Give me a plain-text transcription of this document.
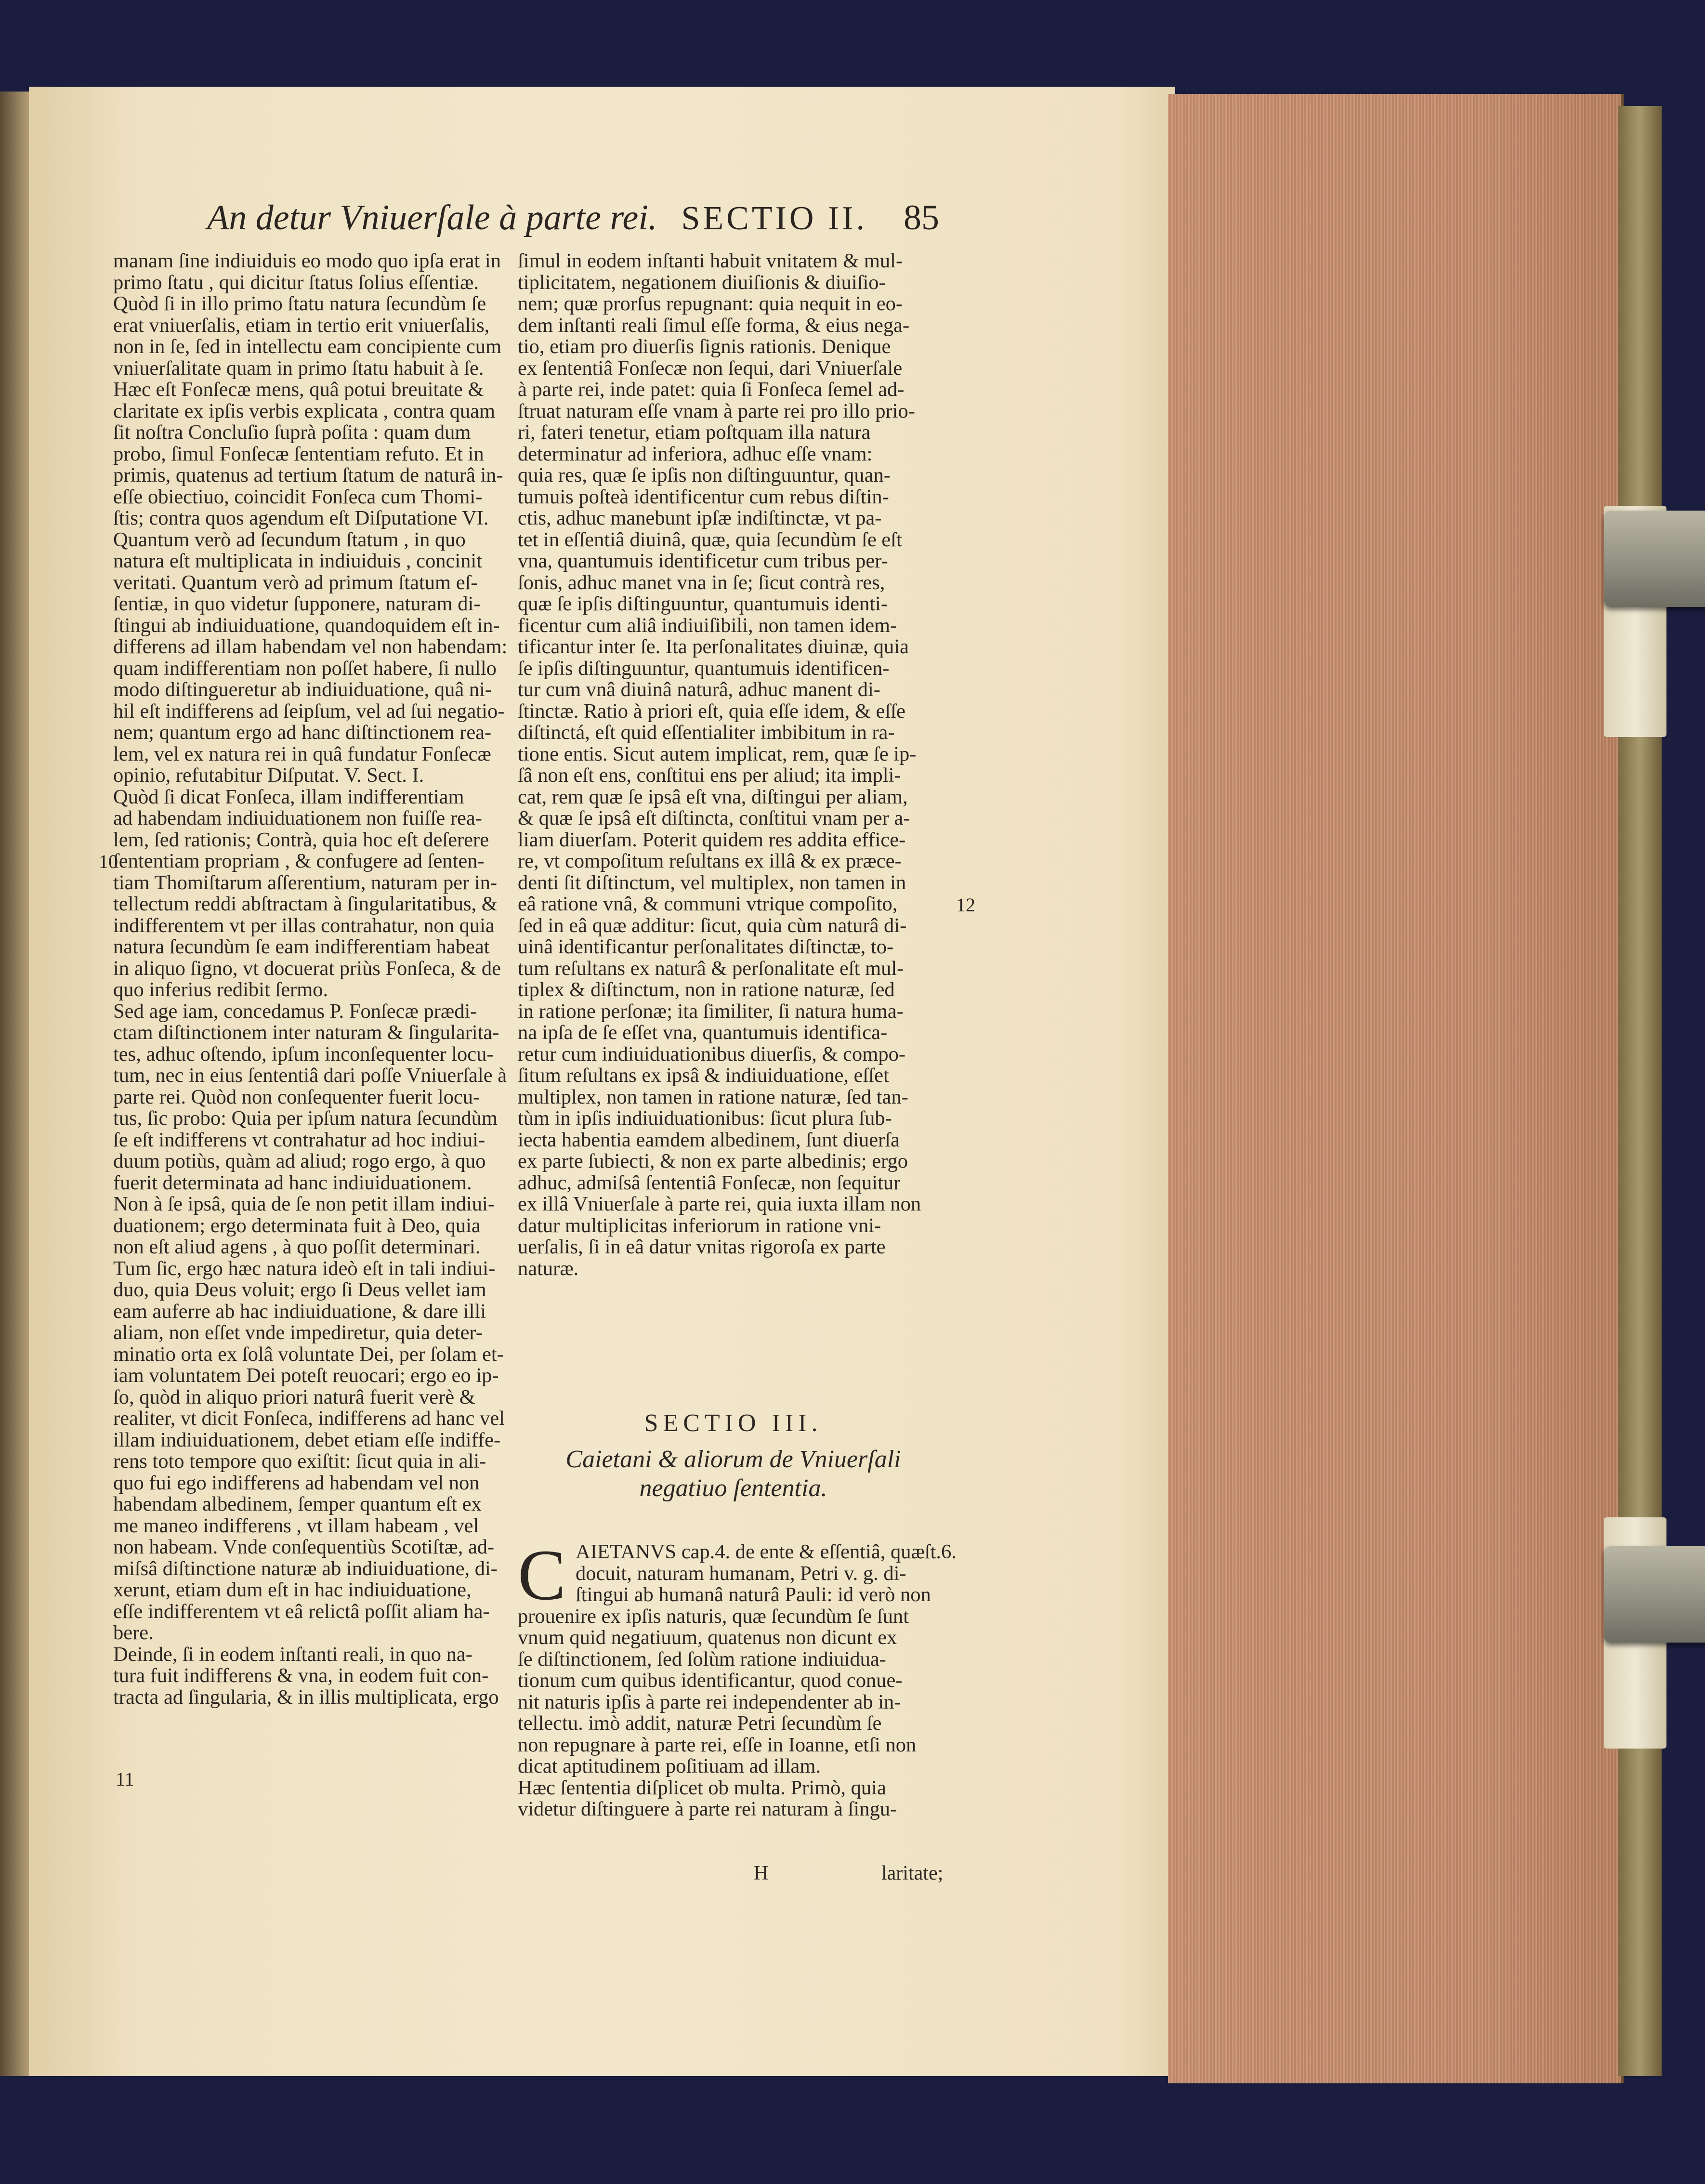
An detur Vniuerſale à parte rei. SECTIO II. 85

manam ſine indiuiduis eo modo quo ipſa erat in

primo ſtatu , qui dicitur ſtatus ſolius eſſentiæ.

Quòd ſi in illo primo ſtatu natura ſecundùm ſe

erat vniuerſalis, etiam in tertio erit vniuerſalis,

non in ſe, ſed in intellectu eam concipiente cum

vniuerſalitate quam in primo ſtatu habuit à ſe.

Hæc eſt Fonſecæ mens, quâ potui breuitate &

claritate ex ipſis verbis explicata , contra quam

ſit noſtra Concluſio ſuprà poſita : quam dum

probo, ſimul Fonſecæ ſententiam refuto. Et in

primis, quatenus ad tertium ſtatum de naturâ in-

eſſe obiectiuo, coincidit Fonſeca cum Thomi-

ſtis; contra quos agendum eſt Diſputatione VI.

Quantum verò ad ſecundum ſtatum , in quo

natura eſt multiplicata in indiuiduis , concinit

veritati. Quantum verò ad primum ſtatum eſ-

ſentiæ, in quo videtur ſupponere, naturam di-

ſtingui ab indiuiduatione, quandoquidem eſt in-

differens ad illam habendam vel non habendam:

quam indifferentiam non poſſet habere, ſi nullo

modo diſtingueretur ab indiuiduatione, quâ ni-

hil eſt indifferens ad ſeipſum, vel ad ſui negatio-

nem; quantum ergo ad hanc diſtinctionem rea-

lem, vel ex natura rei in quâ fundatur Fonſecæ

opinio, refutabitur Diſputat. V. Sect. I.

Quòd ſi dicat Fonſeca, illam indifferentiam

ad habendam indiuiduationem non fuiſſe rea-

lem, ſed rationis; Contrà, quia hoc eſt deſerere

ſententiam propriam , & confugere ad ſenten-

tiam Thomiſtarum aſſerentium, naturam per in-

tellectum reddi abſtractam à ſingularitatibus, &

indifferentem vt per illas contrahatur, non quia

natura ſecundùm ſe eam indifferentiam habeat

in aliquo ſigno, vt docuerat priùs Fonſeca, & de

quo inferius redibit ſermo.

Sed age iam, concedamus P. Fonſecæ prædi-

ctam diſtinctionem inter naturam & ſingularita-

tes, adhuc oſtendo, ipſum inconſequenter locu-

tum, nec in eius ſententiâ dari poſſe Vniuerſale à

parte rei. Quòd non conſequenter fuerit locu-

tus, ſic probo: Quia per ipſum natura ſecundùm

ſe eſt indifferens vt contrahatur ad hoc indiui-

duum potiùs, quàm ad aliud; rogo ergo, à quo

fuerit determinata ad hanc indiuiduationem.

Non à ſe ipsâ, quia de ſe non petit illam indiui-

duationem; ergo determinata fuit à Deo, quia

non eſt aliud agens , à quo poſſit determinari.

Tum ſic, ergo hæc natura ideò eſt in tali indiui-

duo, quia Deus voluit; ergo ſi Deus vellet iam

eam auferre ab hac indiuiduatione, & dare illi

aliam, non eſſet vnde impediretur, quia deter-

minatio orta ex ſolâ voluntate Dei, per ſolam et-

iam voluntatem Dei poteſt reuocari; ergo eo ip-

ſo, quòd in aliquo priori naturâ fuerit verè &

realiter, vt dicit Fonſeca, indifferens ad hanc vel

illam indiuiduationem, debet etiam eſſe indiffe-

rens toto tempore quo exiſtit: ſicut quia in ali-

quo fui ego indifferens ad habendam vel non

habendam albedinem, ſemper quantum eſt ex

me maneo indifferens , vt illam habeam , vel

non habeam. Vnde conſequentiùs Scotiſtæ, ad-

miſsâ diſtinctione naturæ ab indiuiduatione, di-

xerunt, etiam dum eſt in hac indiuiduatione,

eſſe indifferentem vt eâ relictâ poſſit aliam ha-

bere.

Deinde, ſi in eodem inſtanti reali, in quo na-

tura fuit indifferens & vna, in eodem fuit con-

tracta ad ſingularia, & in illis multiplicata, ergo

ſimul in eodem inſtanti habuit vnitatem & mul-

tiplicitatem, negationem diuiſionis & diuiſio-

nem; quæ prorſus repugnant: quia nequit in eo-

dem inſtanti reali ſimul eſſe forma, & eius nega-

tio, etiam pro diuerſis ſignis rationis. Denique

ex ſententiâ Fonſecæ non ſequi, dari Vniuerſale

à parte rei, inde patet: quia ſi Fonſeca ſemel ad-

ſtruat naturam eſſe vnam à parte rei pro illo prio-

ri, fateri tenetur, etiam poſtquam illa natura

determinatur ad inferiora, adhuc eſſe vnam:

quia res, quæ ſe ipſis non diſtinguuntur, quan-

tumuis poſteà identificentur cum rebus diſtin-

ctis, adhuc manebunt ipſæ indiſtinctæ, vt pa-

tet in eſſentiâ diuinâ, quæ, quia ſecundùm ſe eſt

vna, quantumuis identificetur cum tribus per-

ſonis, adhuc manet vna in ſe; ſicut contrà res,

quæ ſe ipſis diſtinguuntur, quantumuis identi-

ficentur cum aliâ indiuiſibili, non tamen idem-

tificantur inter ſe. Ita perſonalitates diuinæ, quia

ſe ipſis diſtinguuntur, quantumuis identificen-

tur cum vnâ diuinâ naturâ, adhuc manent di-

ſtinctæ. Ratio à priori eſt, quia eſſe idem, & eſſe

diſtinctá, eſt quid eſſentialiter imbibitum in ra-

tione entis. Sicut autem implicat, rem, quæ ſe ip-

ſâ non eſt ens, conſtitui ens per aliud; ita impli-

cat, rem quæ ſe ipsâ eſt vna, diſtingui per aliam,

& quæ ſe ipsâ eſt diſtincta, conſtitui vnam per a-

liam diuerſam. Poterit quidem res addita effice-

re, vt compoſitum reſultans ex illâ & ex præce-

denti ſit diſtinctum, vel multiplex, non tamen in

eâ ratione vnâ, & communi vtrique compoſito,

ſed in eâ quæ additur: ſicut, quia cùm naturâ di-

uinâ identificantur perſonalitates diſtinctæ, to-

tum reſultans ex naturâ & perſonalitate eſt mul-

tiplex & diſtinctum, non in ratione naturæ, ſed

in ratione perſonæ; ita ſimiliter, ſi natura huma-

na ipſa de ſe eſſet vna, quantumuis identifica-

retur cum indiuiduationibus diuerſis, & compo-

ſitum reſultans ex ipsâ & indiuiduatione, eſſet

multiplex, non tamen in ratione naturæ, ſed tan-

tùm in ipſis indiuiduationibus: ſicut plura ſub-

iecta habentia eamdem albedinem, ſunt diuerſa

ex parte ſubiecti, & non ex parte albedinis; ergo

adhuc, admiſsâ ſententiâ Fonſecæ, non ſequitur

ex illâ Vniuerſale à parte rei, quia iuxta illam non

datur multiplicitas inferiorum in ratione vni-

uerſalis, ſi in eâ datur vnitas rigoroſa ex parte

naturæ.

10
11
12
SECTIO III.

Caietani & aliorum de Vniuerſali

negatiuo ſententia.

C AIETANVS cap.4. de ente & eſſentiâ, quæſt.6.

docuit, naturam humanam, Petri v. g. di-

ſtingui ab humanâ naturâ Pauli: id verò non

prouenire ex ipſis naturis, quæ ſecundùm ſe ſunt

vnum quid negatiuum, quatenus non dicunt ex

ſe diſtinctionem, ſed ſolùm ratione indiuidua-

tionum cum quibus identificantur, quod conue-

nit naturis ipſis à parte rei independenter ab in-

tellectu. imò addit, naturæ Petri ſecundùm ſe

non repugnare à parte rei, eſſe in Ioanne, etſi non

dicat aptitudinem poſitiuam ad illam.

Hæc ſententia diſplicet ob multa. Primò, quia

videtur diſtinguere à parte rei naturam à ſingu-

H	laritate;
